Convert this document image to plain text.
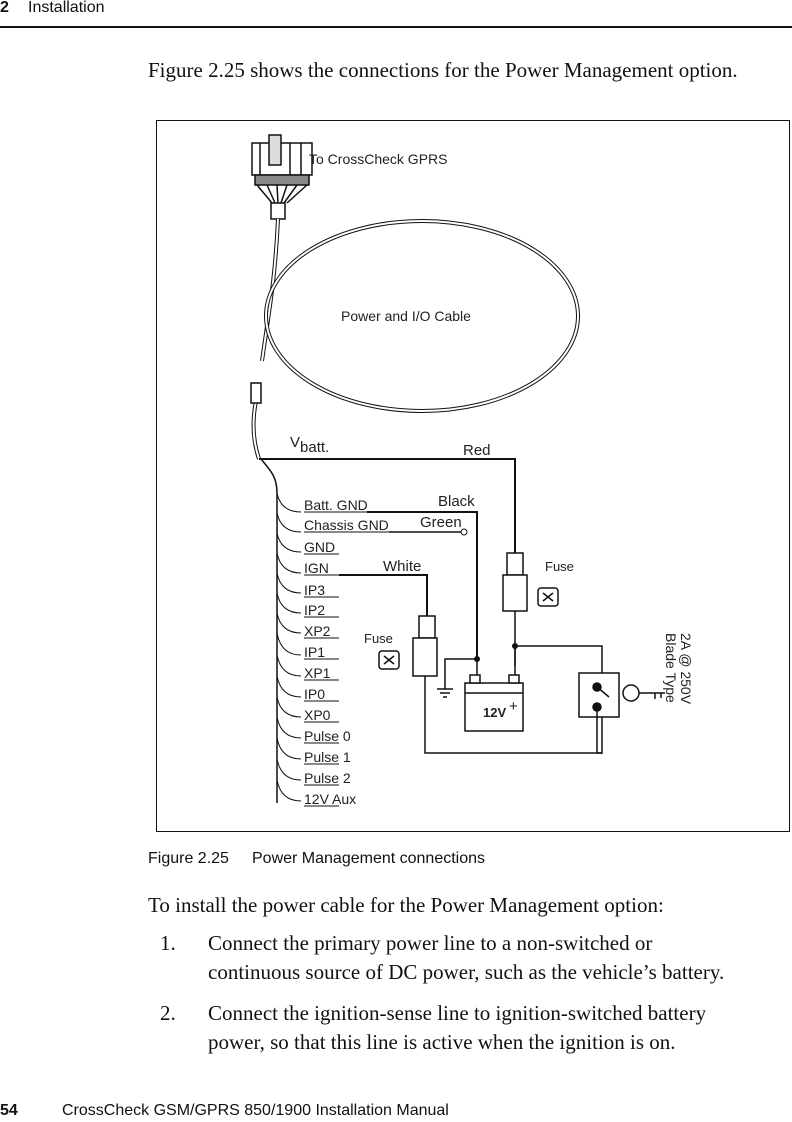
2 Installation
Figure 2.25 shows the connections for the Power Management option.
To CrossCheck GPRS
Power and I/O Cable
Vbatt.	Red
Batt. GND
Chassis GND
GND
IGN
IP3
IP2
XP2
IP1
XP1
IP0
XP0
Pulse 0
Pulse 1
Pulse 2
12V Aux
Black
Green
White	Fuse
Fuse
12V +
2A @ 250V
Blade Type
Figure 2.25 Power Management connections
To install the power cable for the Power Management option:
1.	Connect the primary power line to a non-switched or
continuous source of DC power, such as the vehicle’s battery.
2.	Connect the ignition-sense line to ignition-switched battery
power, so that this line is active when the ignition is on.
54	CrossCheck GSM/GPRS 850/1900 Installation Manual
